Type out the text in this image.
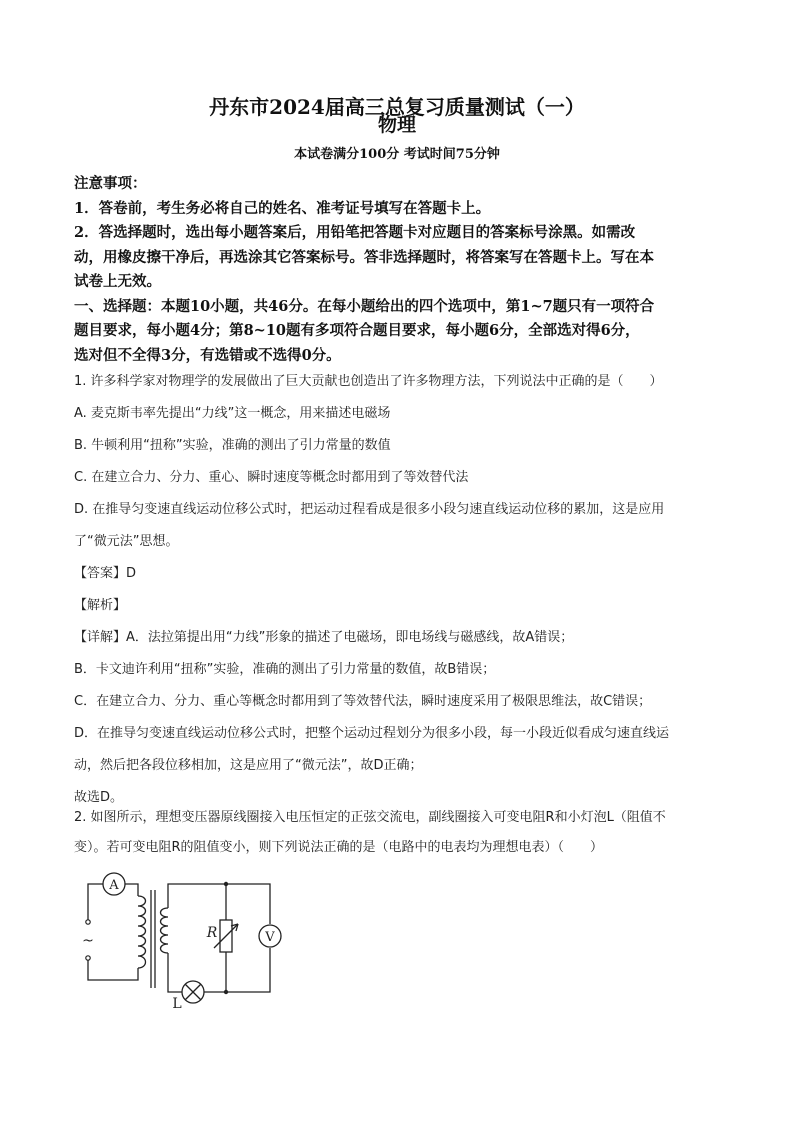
丹东市2024届高三总复习质量测试（一）
物理
本试卷满分100分 考试时间75分钟

注意事项：

1．答卷前，考生务必将自己的姓名、准考证号填写在答题卡上。

2．答选择题时，选出每小题答案后，用铅笔把答题卡对应题目的答案标号涂黑。如需改

动，用橡皮擦干净后，再选涂其它答案标号。答非选择题时，将答案写在答题卡上。写在本

试卷上无效。

一、选择题：本题10小题，共46分。在每小题给出的四个选项中，第1~7题只有一项符合

题目要求，每小题4分；第8~10题有多项符合题目要求，每小题6分，全部选对得6分，

选对但不全得3分，有选错或不选得0分。

1. 许多科学家对物理学的发展做出了巨大贡献也创造出了许多物理方法，下列说法中正确的是（　　）

A. 麦克斯韦率先提出“力线”这一概念，用来描述电磁场

B. 牛顿利用“扭称”实验，准确的测出了引力常量的数值

C. 在建立合力、分力、重心、瞬时速度等概念时都用到了等效替代法

D. 在推导匀变速直线运动位移公式时，把运动过程看成是很多小段匀速直线运动位移的累加，这是应用

了“微元法”思想。

【答案】D

【解析】

【详解】A．法拉第提出用“力线”形象的描述了电磁场，即电场线与磁感线，故A错误；

B．卡文迪许利用“扭称”实验，准确的测出了引力常量的数值，故B错误；

C．在建立合力、分力、重心等概念时都用到了等效替代法，瞬时速度采用了极限思维法，故C错误；

D．在推导匀变速直线运动位移公式时，把整个运动过程划分为很多小段，每一小段近似看成匀速直线运

动，然后把各段位移相加，这是应用了“微元法”，故D正确；

故选D。

2. 如图所示，理想变压器原线圈接入电压恒定的正弦交流电，副线圈接入可变电阻R和小灯泡L（阻值不

变）。若可变电阻R的阻值变小，则下列说法正确的是（电路中的电表均为理想电表）（　　）

A
V
R
L
~
